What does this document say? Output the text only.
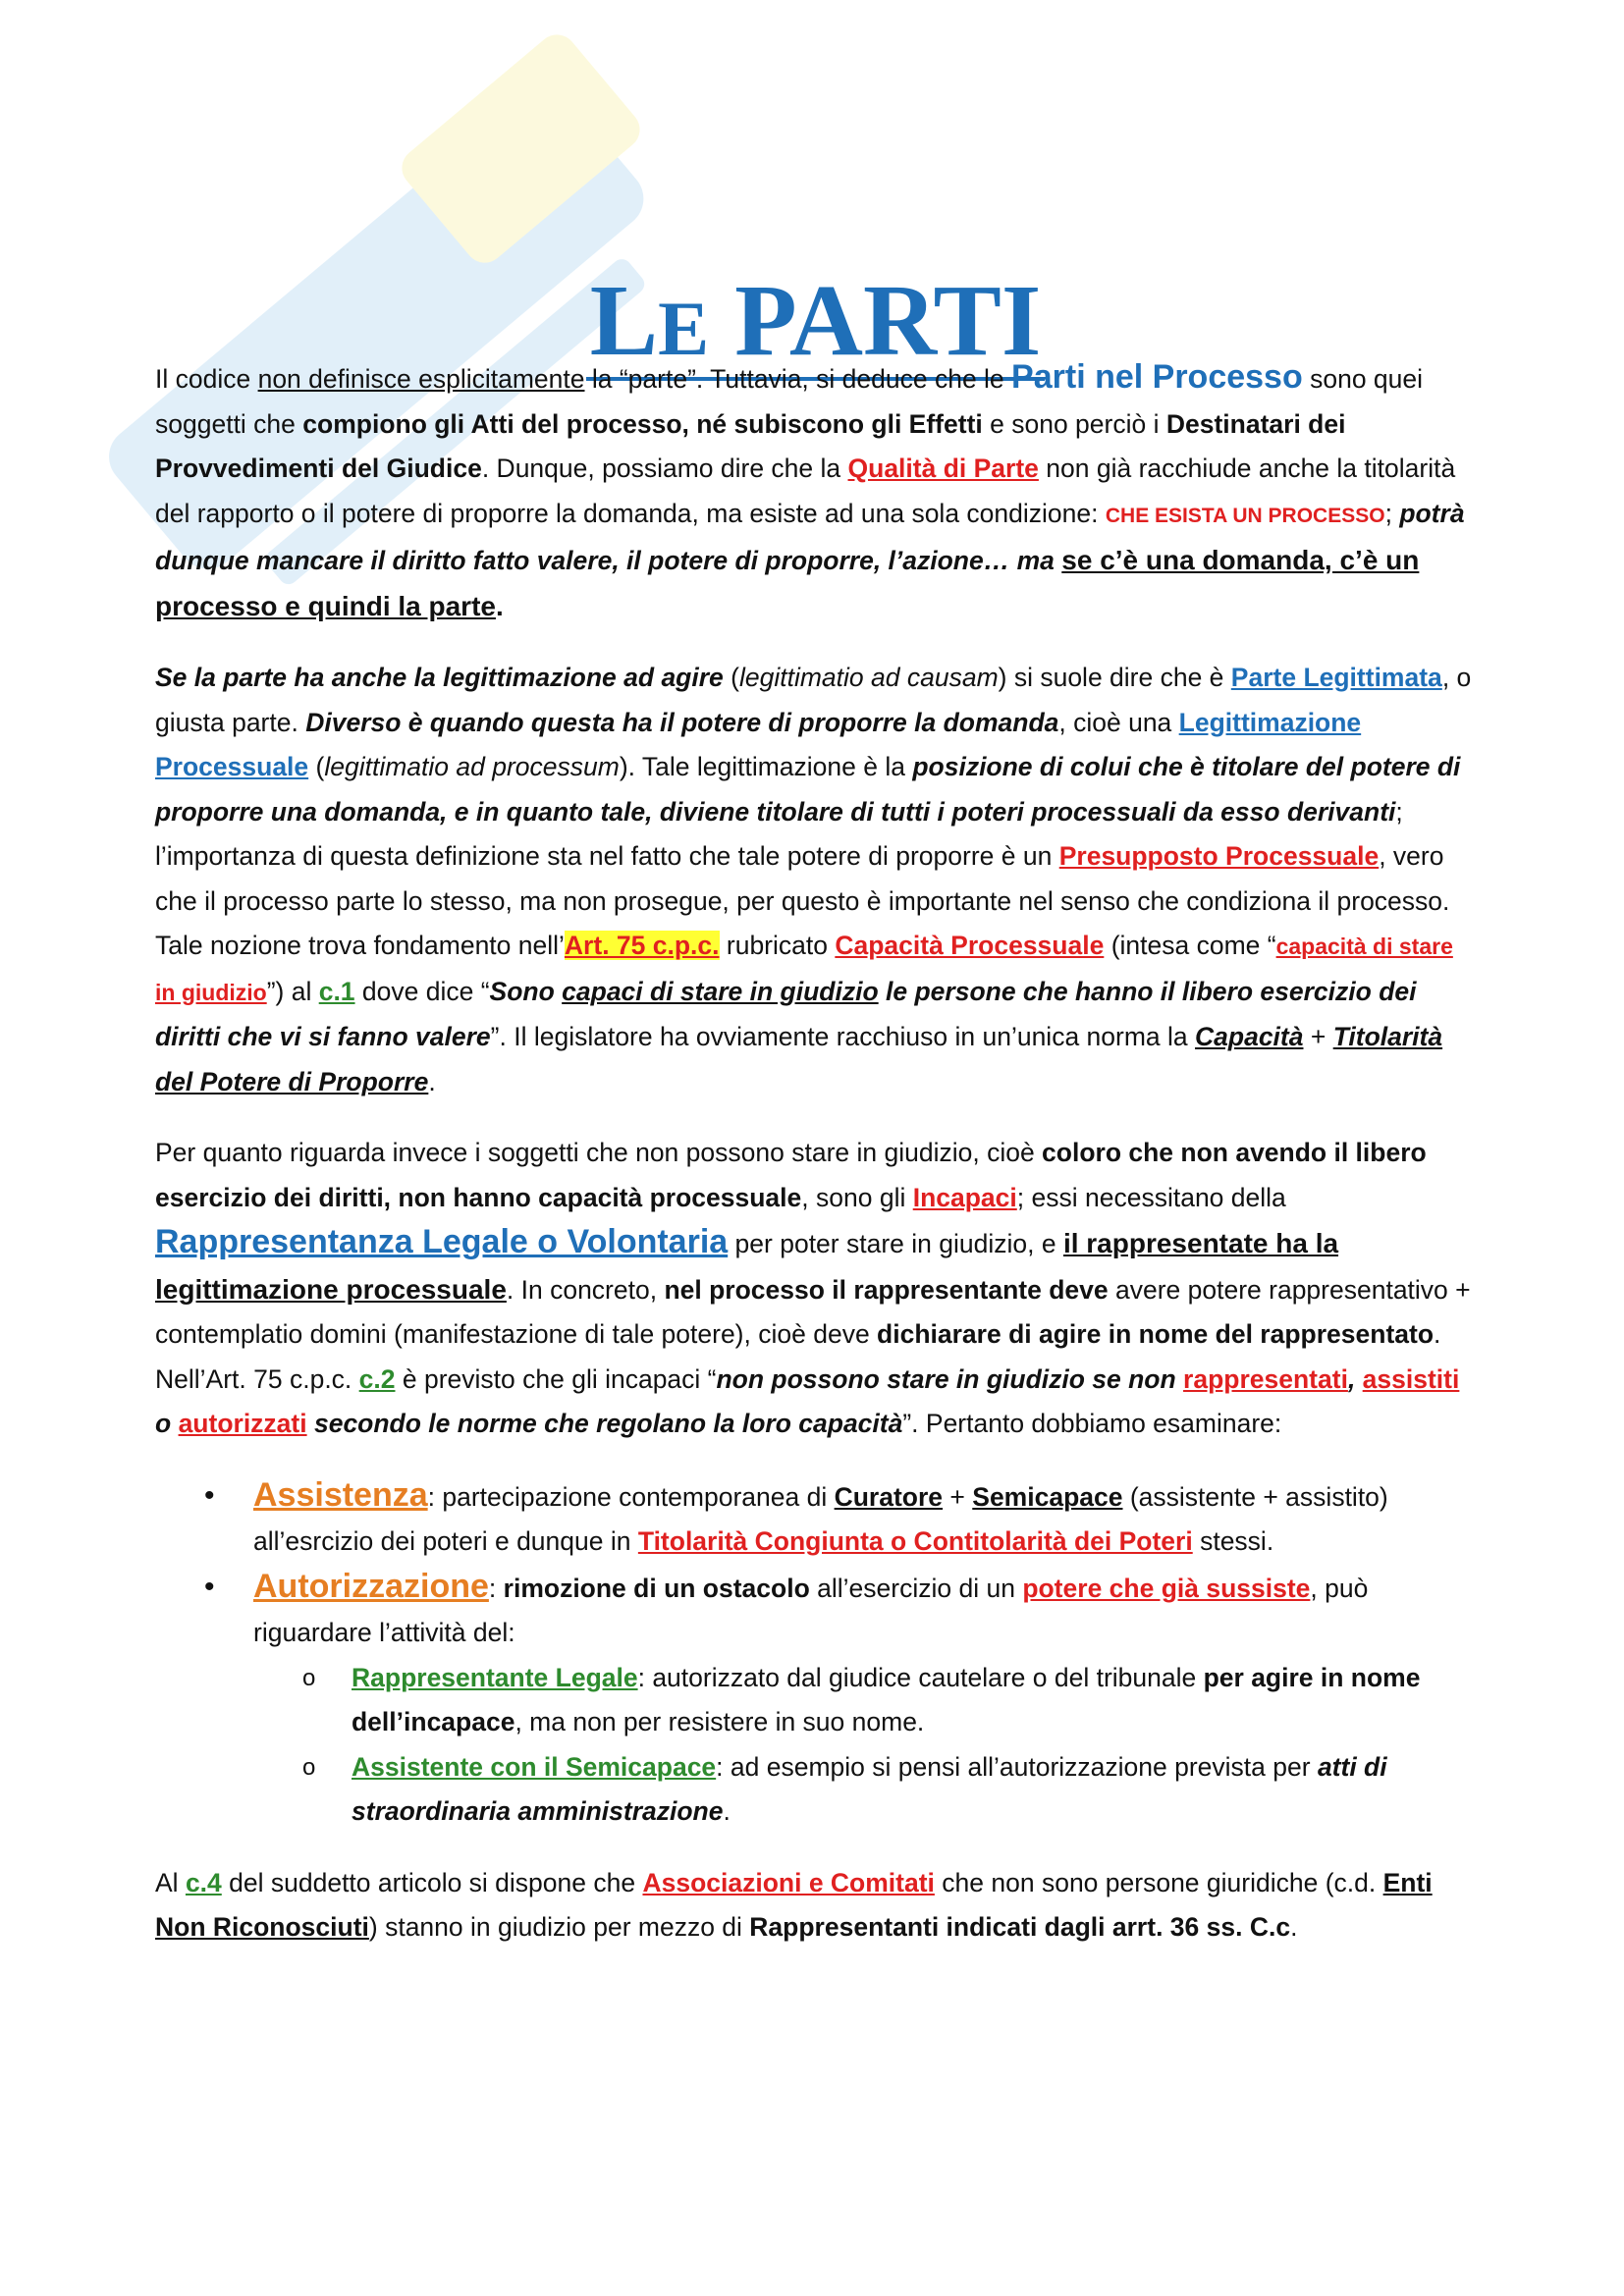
LE PARTI

Il codice non definisce esplicitamente la “parte”. Tuttavia, si deduce che le Parti nel Processo sono quei soggetti che compiono gli Atti del processo, né subiscono gli Effetti e sono perciò i Destinatari dei Provvedimenti del Giudice. Dunque, possiamo dire che la Qualità di Parte non già racchiude anche la titolarità del rapporto o il potere di proporre la domanda, ma esiste ad una sola condizione: CHE ESISTA UN PROCESSO; potrà dunque mancare il diritto fatto valere, il potere di proporre, l’azione… ma se c’è una domanda, c’è un processo e quindi la parte.

Se la parte ha anche la legittimazione ad agire (legittimatio ad causam) si suole dire che è Parte Legittimata, o giusta parte. Diverso è quando questa ha il potere di proporre la domanda, cioè una Legittimazione Processuale (legittimatio ad processum). Tale legittimazione è la posizione di colui che è titolare del potere di proporre una domanda, e in quanto tale, diviene titolare di tutti i poteri processuali da esso derivanti; l’importanza di questa definizione sta nel fatto che tale potere di proporre è un Presupposto Processuale, vero che il processo parte lo stesso, ma non prosegue, per questo è importante nel senso che condiziona il processo. Tale nozione trova fondamento nell’Art. 75 c.p.c. rubricato Capacità Processuale (intesa come “capacità di stare in giudizio”) al c.1 dove dice “Sono capaci di stare in giudizio le persone che hanno il libero esercizio dei diritti che vi si fanno valere”. Il legislatore ha ovviamente racchiuso in un’unica norma la Capacità + Titolarità del Potere di Proporre.

Per quanto riguarda invece i soggetti che non possono stare in giudizio, cioè coloro che non avendo il libero esercizio dei diritti, non hanno capacità processuale, sono gli Incapaci; essi necessitano della Rappresentanza Legale o Volontaria per poter stare in giudizio, e il rappresentate ha la legittimazione processuale. In concreto, nel processo il rappresentante deve avere potere rappresentativo + contemplatio domini (manifestazione di tale potere), cioè deve dichiarare di agire in nome del rappresentato. Nell’Art. 75 c.p.c. c.2 è previsto che gli incapaci “non possono stare in giudizio se non rappresentati, assistiti o autorizzati secondo le norme che regolano la loro capacità”. Pertanto dobbiamo esaminare:

• Assistenza: partecipazione contemporanea di Curatore + Semicapace (assistente + assistito) all’esrcizio dei poteri e dunque in Titolarità Congiunta o Contitolarità dei Poteri stessi.
• Autorizzazione: rimozione di un ostacolo all’esercizio di un potere che già sussiste, può riguardare l’attività del:
o Rappresentante Legale: autorizzato dal giudice cautelare o del tribunale per agire in nome dell’incapace, ma non per resistere in suo nome.
o Assistente con il Semicapace: ad esempio si pensi all’autorizzazione prevista per atti di straordinaria amministrazione.

Al c.4 del suddetto articolo si dispone che Associazioni e Comitati che non sono persone giuridiche (c.d. Enti Non Riconosciuti) stanno in giudizio per mezzo di Rappresentanti indicati dagli arrt. 36 ss. C.c.
